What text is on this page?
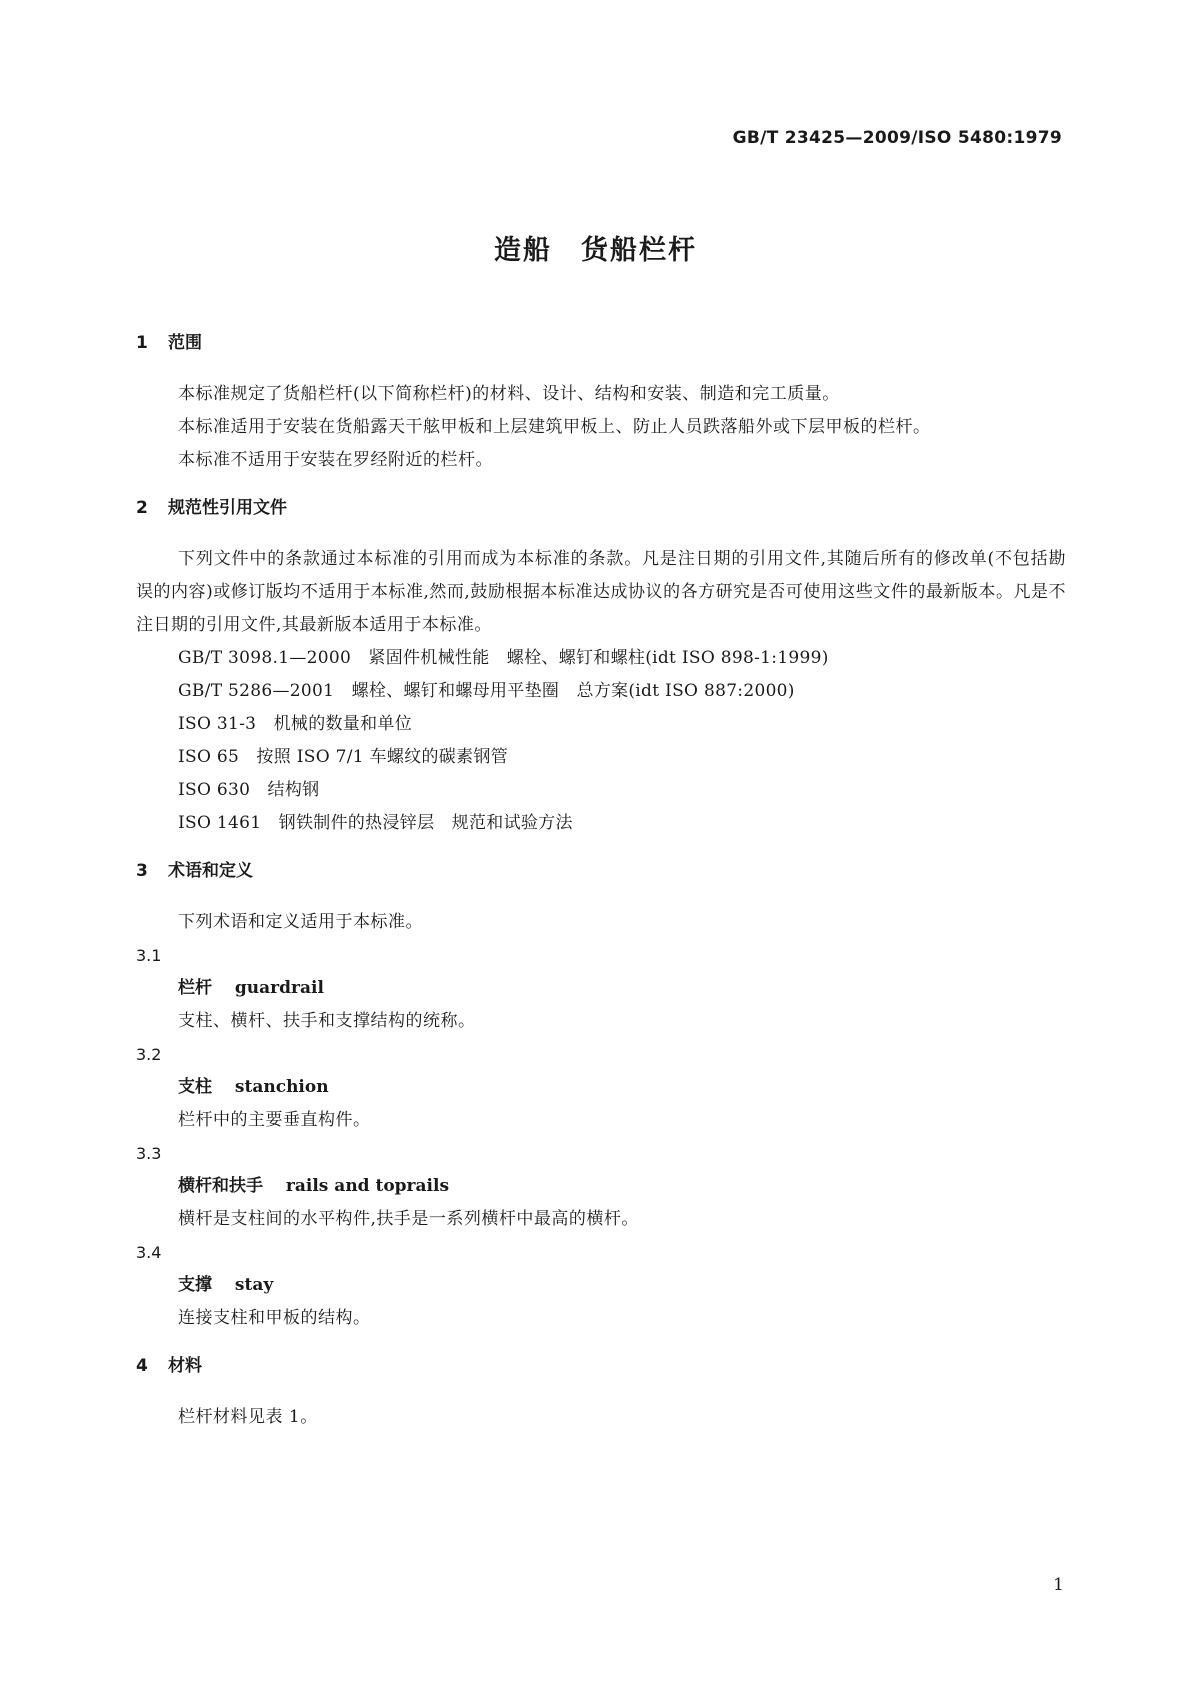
GB/T 23425—2009/ISO 5480:1979
造船　货船栏杆
1 范围
本标准规定了货船栏杆(以下简称栏杆)的材料、设计、结构和安装、制造和完工质量。
本标准适用于安装在货船露天干舷甲板和上层建筑甲板上、防止人员跌落船外或下层甲板的栏杆。
本标准不适用于安装在罗经附近的栏杆。
2 规范性引用文件
下列文件中的条款通过本标准的引用而成为本标准的条款。凡是注日期的引用文件,其随后所有的修改单(不包括勘误的内容)或修订版均不适用于本标准,然而,鼓励根据本标准达成协议的各方研究是否可使用这些文件的最新版本。凡是不注日期的引用文件,其最新版本适用于本标准。
GB/T 3098.1—2000　紧固件机械性能　螺栓、螺钉和螺柱(idt ISO 898-1:1999)
GB/T 5286—2001　螺栓、螺钉和螺母用平垫圈　总方案(idt ISO 887:2000)
ISO 31-3　机械的数量和单位
ISO 65　按照 ISO 7/1 车螺纹的碳素钢管
ISO 630　结构钢
ISO 1461　钢铁制件的热浸锌层　规范和试验方法
3 术语和定义
下列术语和定义适用于本标准。
3.1
栏杆　 guardrail
支柱、横杆、扶手和支撑结构的统称。
3.2
支柱　 stanchion
栏杆中的主要垂直构件。
3.3
横杆和扶手　 rails and toprails
横杆是支柱间的水平构件,扶手是一系列横杆中最高的横杆。
3.4
支撑　 stay
连接支柱和甲板的结构。
4 材料
栏杆材料见表 1。
1
